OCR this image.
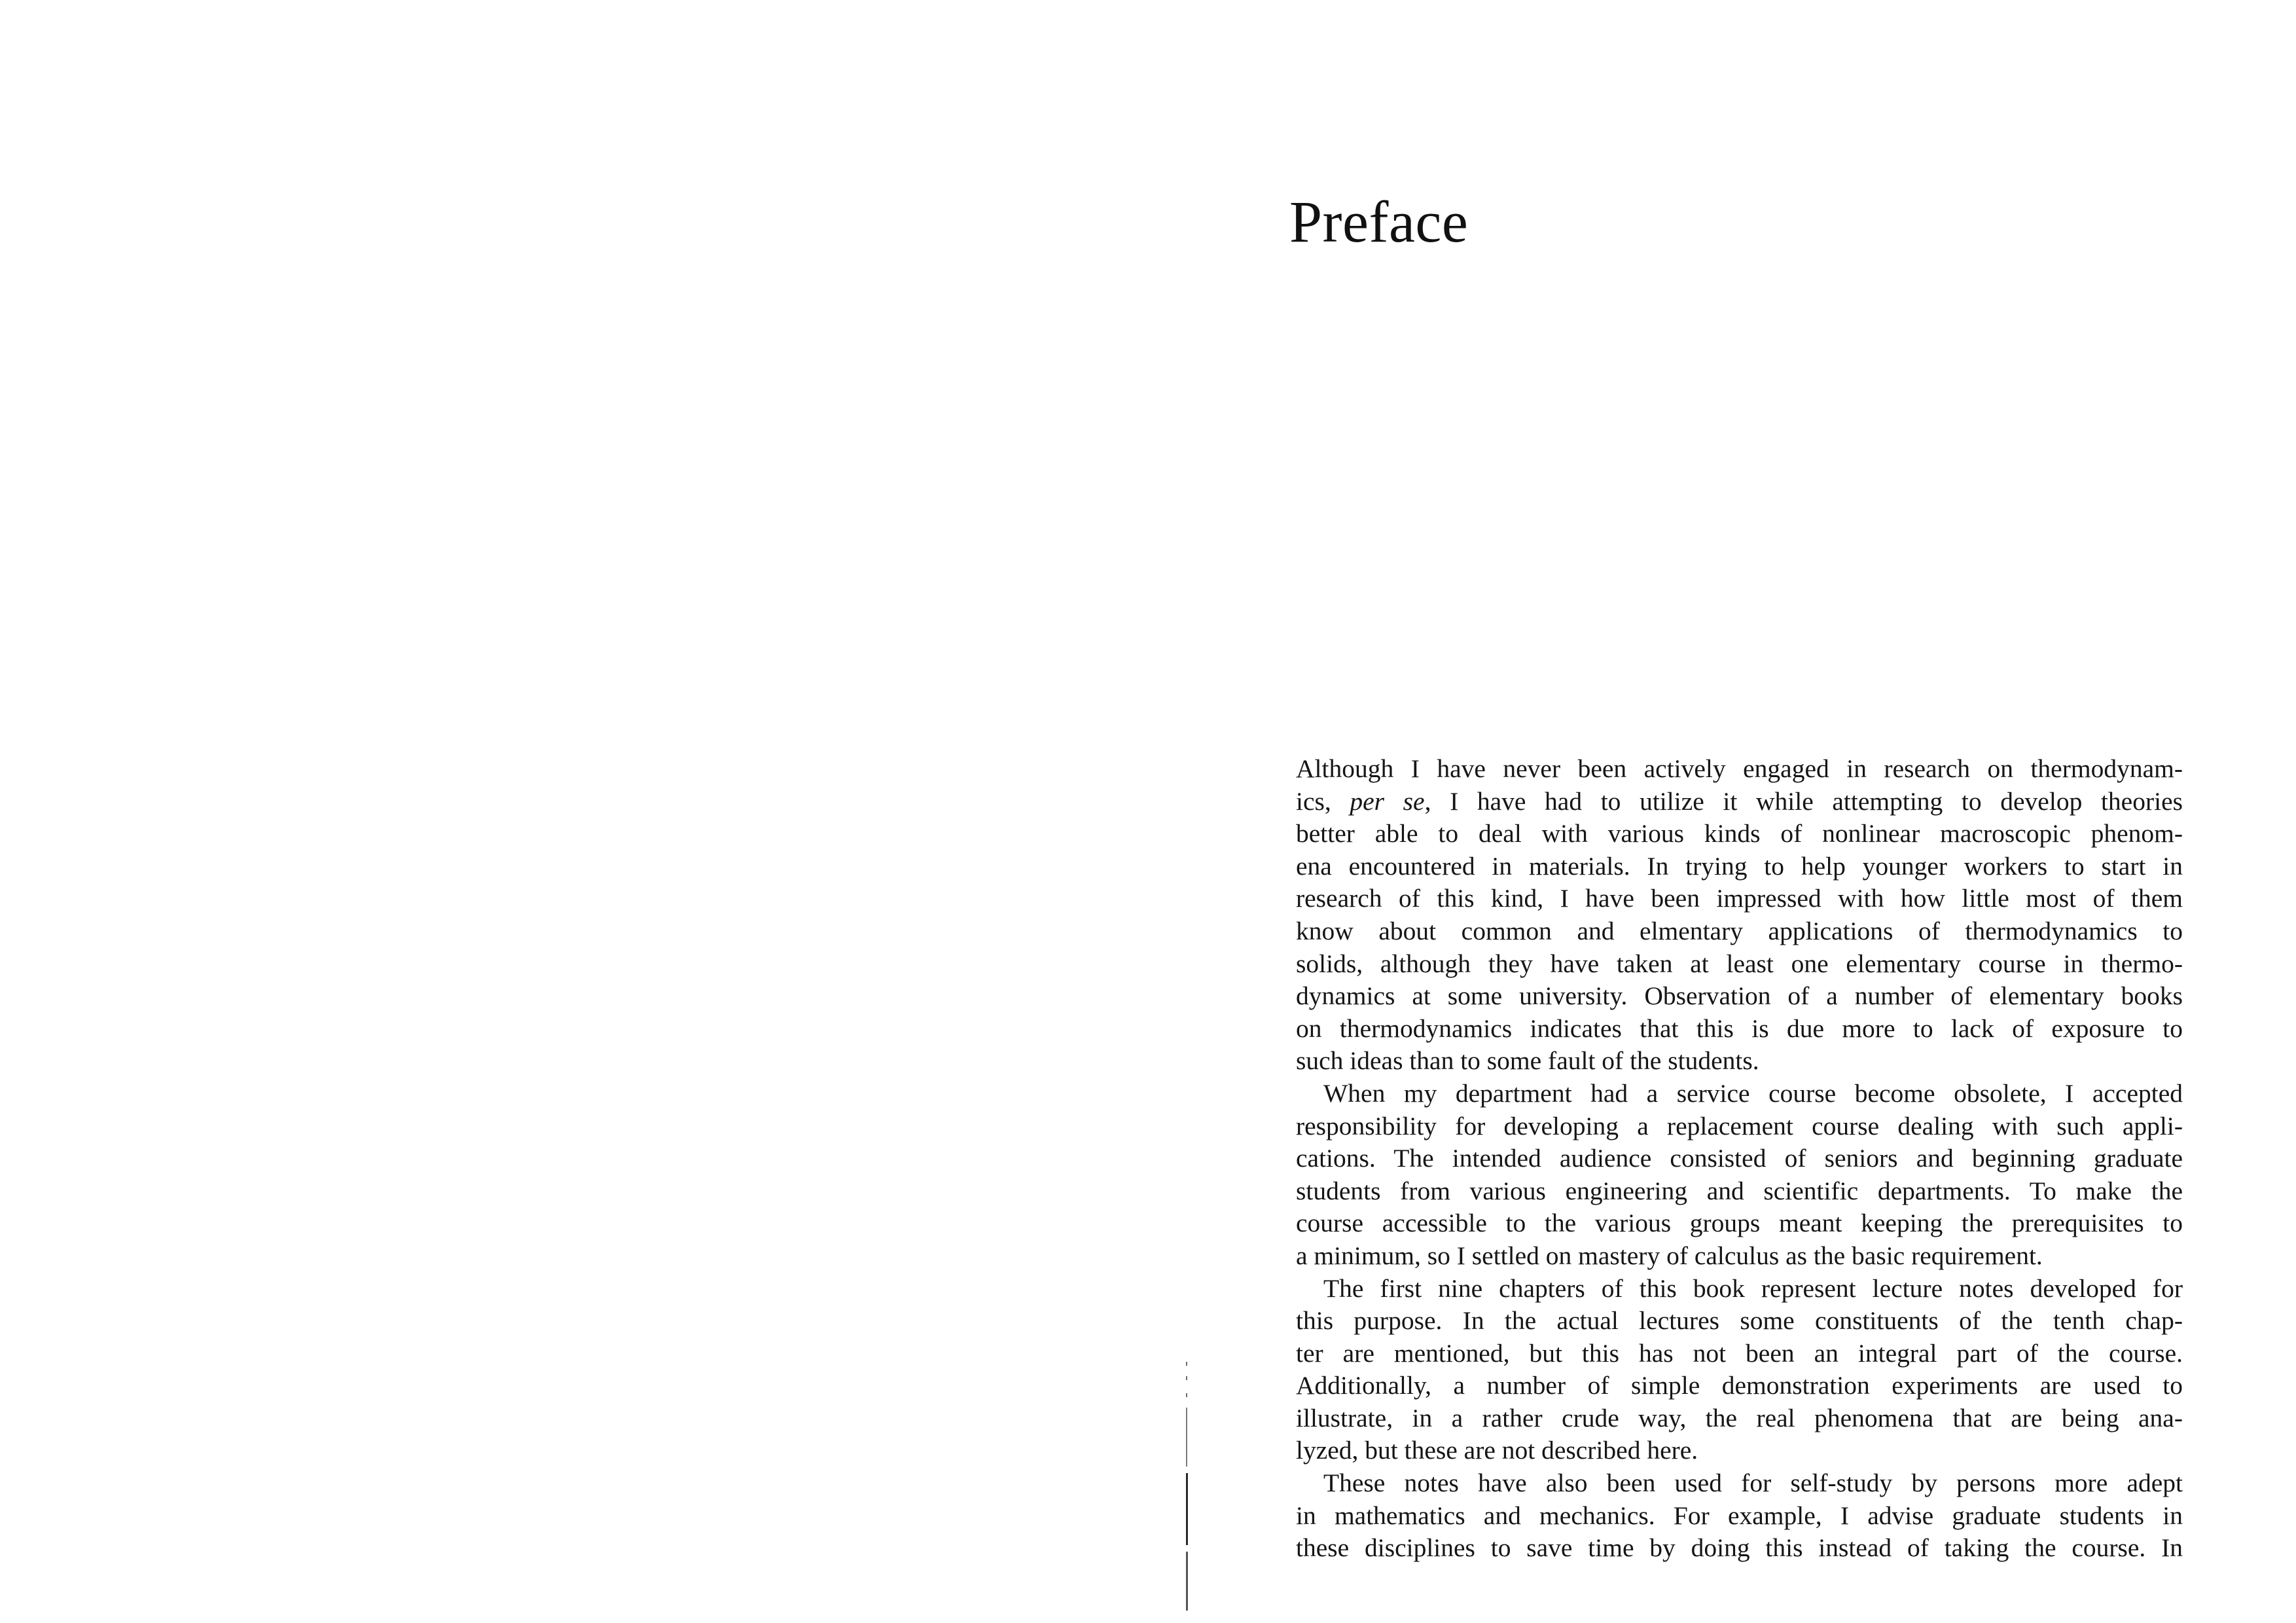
Preface

Although I have never been actively engaged in research on thermodynam-
ics, per se, I have had to utilize it while attempting to develop theories
better able to deal with various kinds of nonlinear macroscopic phenom-
ena encountered in materials. In trying to help younger workers to start in
research of this kind, I have been impressed with how little most of them
know about common and elmentary applications of thermodynamics to
solids, although they have taken at least one elementary course in thermo-
dynamics at some university. Observation of a number of elementary books
on thermodynamics indicates that this is due more to lack of exposure to
such ideas than to some fault of the students.

When my department had a service course become obsolete, I accepted
responsibility for developing a replacement course dealing with such appli-
cations. The intended audience consisted of seniors and beginning graduate
students from various engineering and scientific departments. To make the
course accessible to the various groups meant keeping the prerequisites to
a minimum, so I settled on mastery of calculus as the basic requirement.

The first nine chapters of this book represent lecture notes developed for
this purpose. In the actual lectures some constituents of the tenth chap-
ter are mentioned, but this has not been an integral part of the course.
Additionally, a number of simple demonstration experiments are used to
illustrate, in a rather crude way, the real phenomena that are being ana-
lyzed, but these are not described here.

These notes have also been used for self-study by persons more adept
in mathematics and mechanics. For example, I advise graduate students in
these disciplines to save time by doing this instead of taking the course. In
